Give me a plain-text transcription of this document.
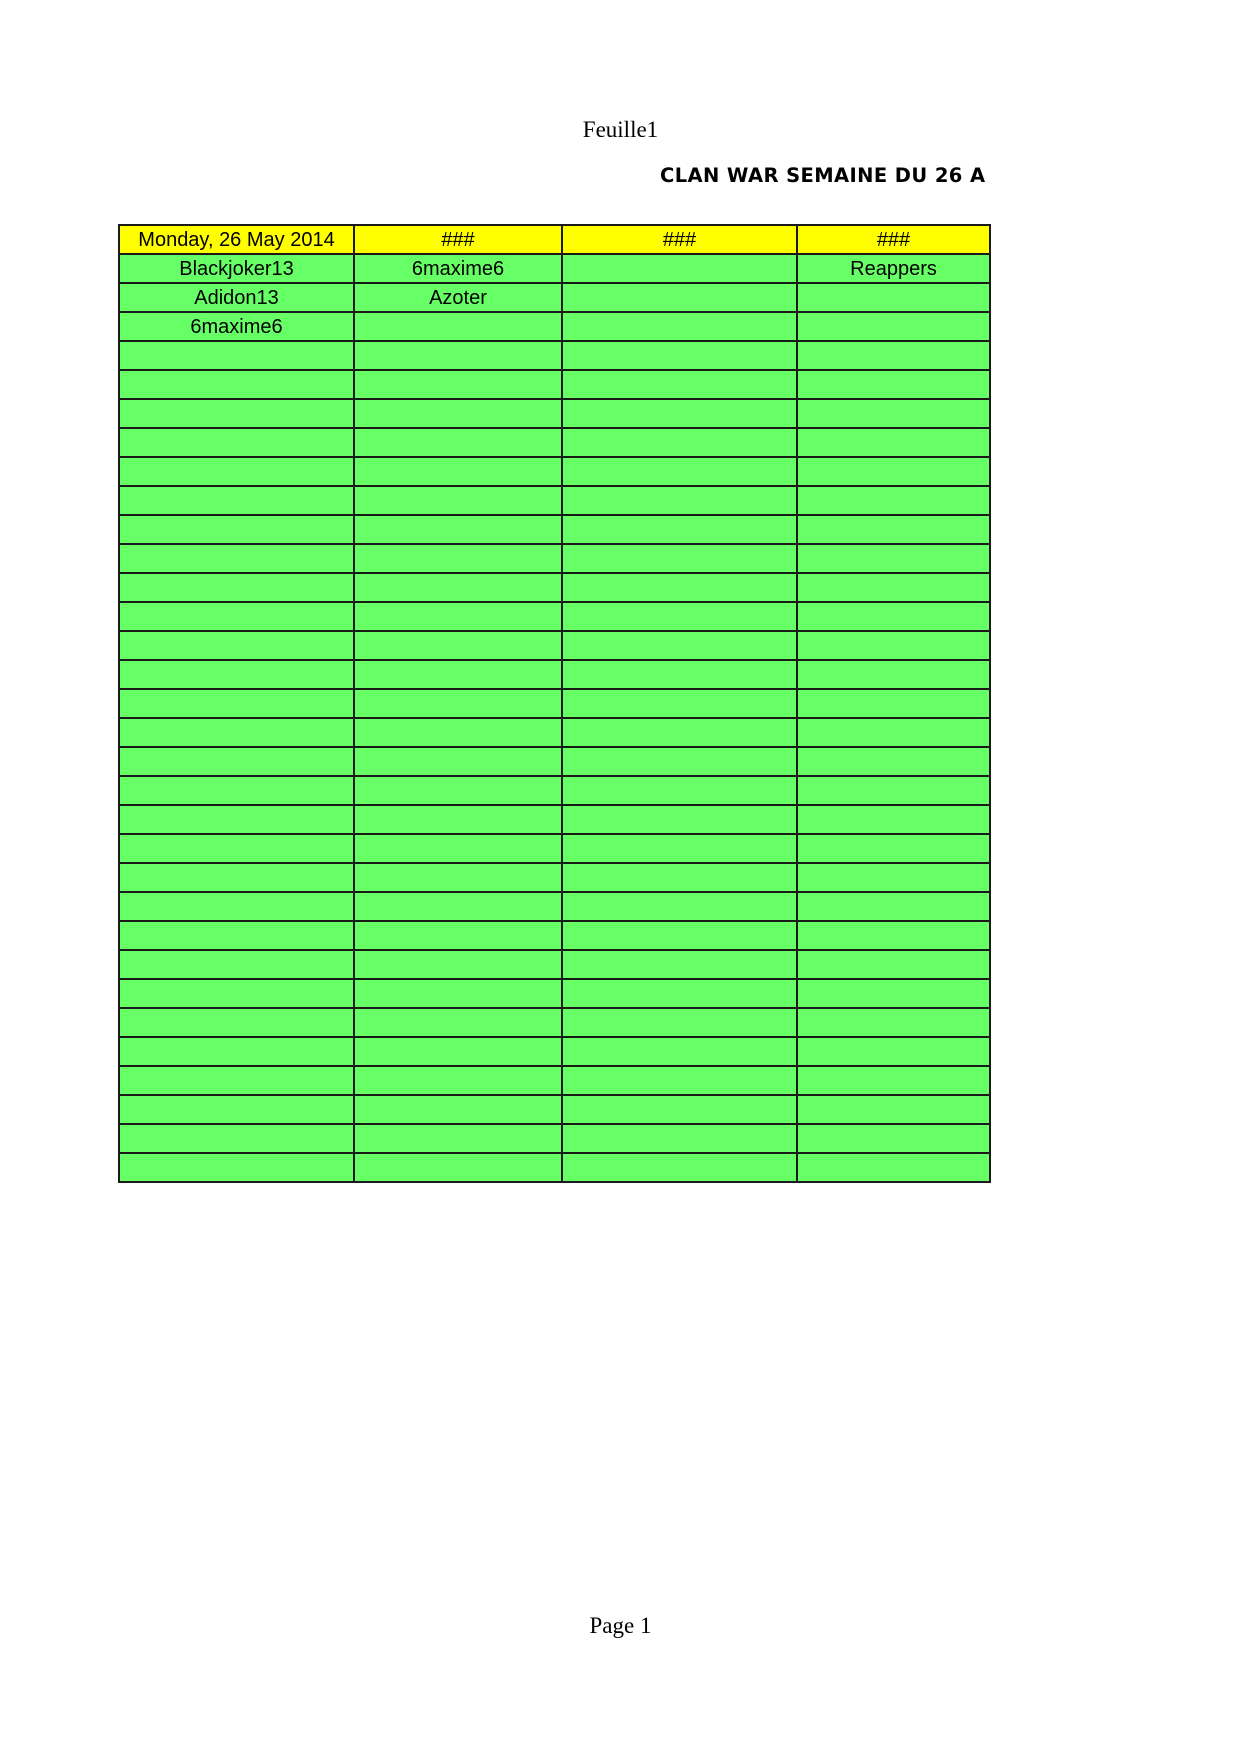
Feuille1
CLAN WAR SEMAINE DU 26 A
Monday, 26 May 2014	###	###	###
Blackjoker13	6maxime6		Reappers
Adidon13	Azoter		
6maxime6			

Page 1
